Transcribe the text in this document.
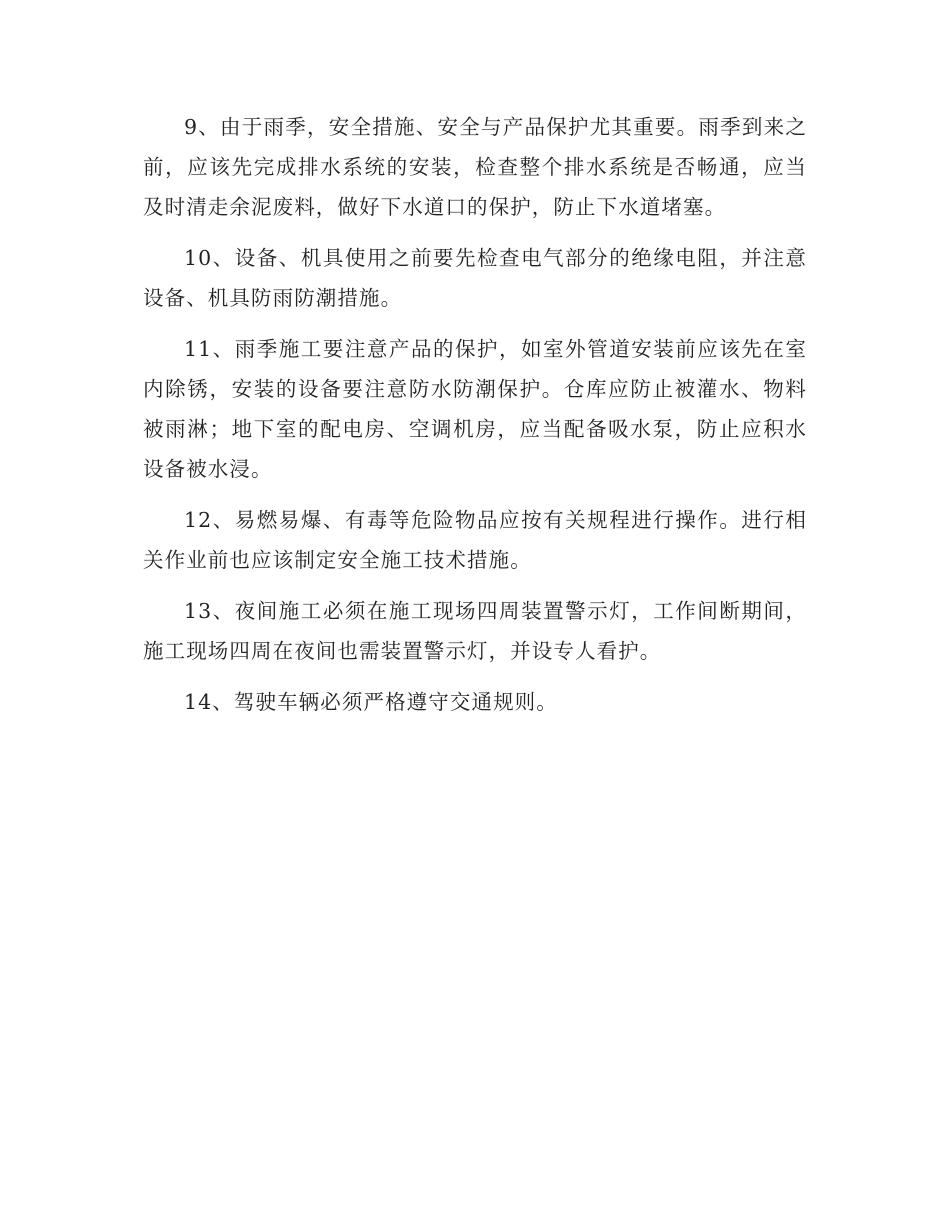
9、由于雨季，安全措施、安全与产品保护尤其重要。雨季到来之前，应该先完成排水系统的安装，检查整个排水系统是否畅通，应当及时清走余泥废料，做好下水道口的保护，防止下水道堵塞。

10、设备、机具使用之前要先检查电气部分的绝缘电阻，并注意设备、机具防雨防潮措施。

11、雨季施工要注意产品的保护，如室外管道安装前应该先在室内除锈，安装的设备要注意防水防潮保护。仓库应防止被灌水、物料被雨淋；地下室的配电房、空调机房，应当配备吸水泵，防止应积水设备被水浸。

12、易燃易爆、有毒等危险物品应按有关规程进行操作。进行相关作业前也应该制定安全施工技术措施。

13、夜间施工必须在施工现场四周装置警示灯，工作间断期间，施工现场四周在夜间也需装置警示灯，并设专人看护。

14、驾驶车辆必须严格遵守交通规则。
